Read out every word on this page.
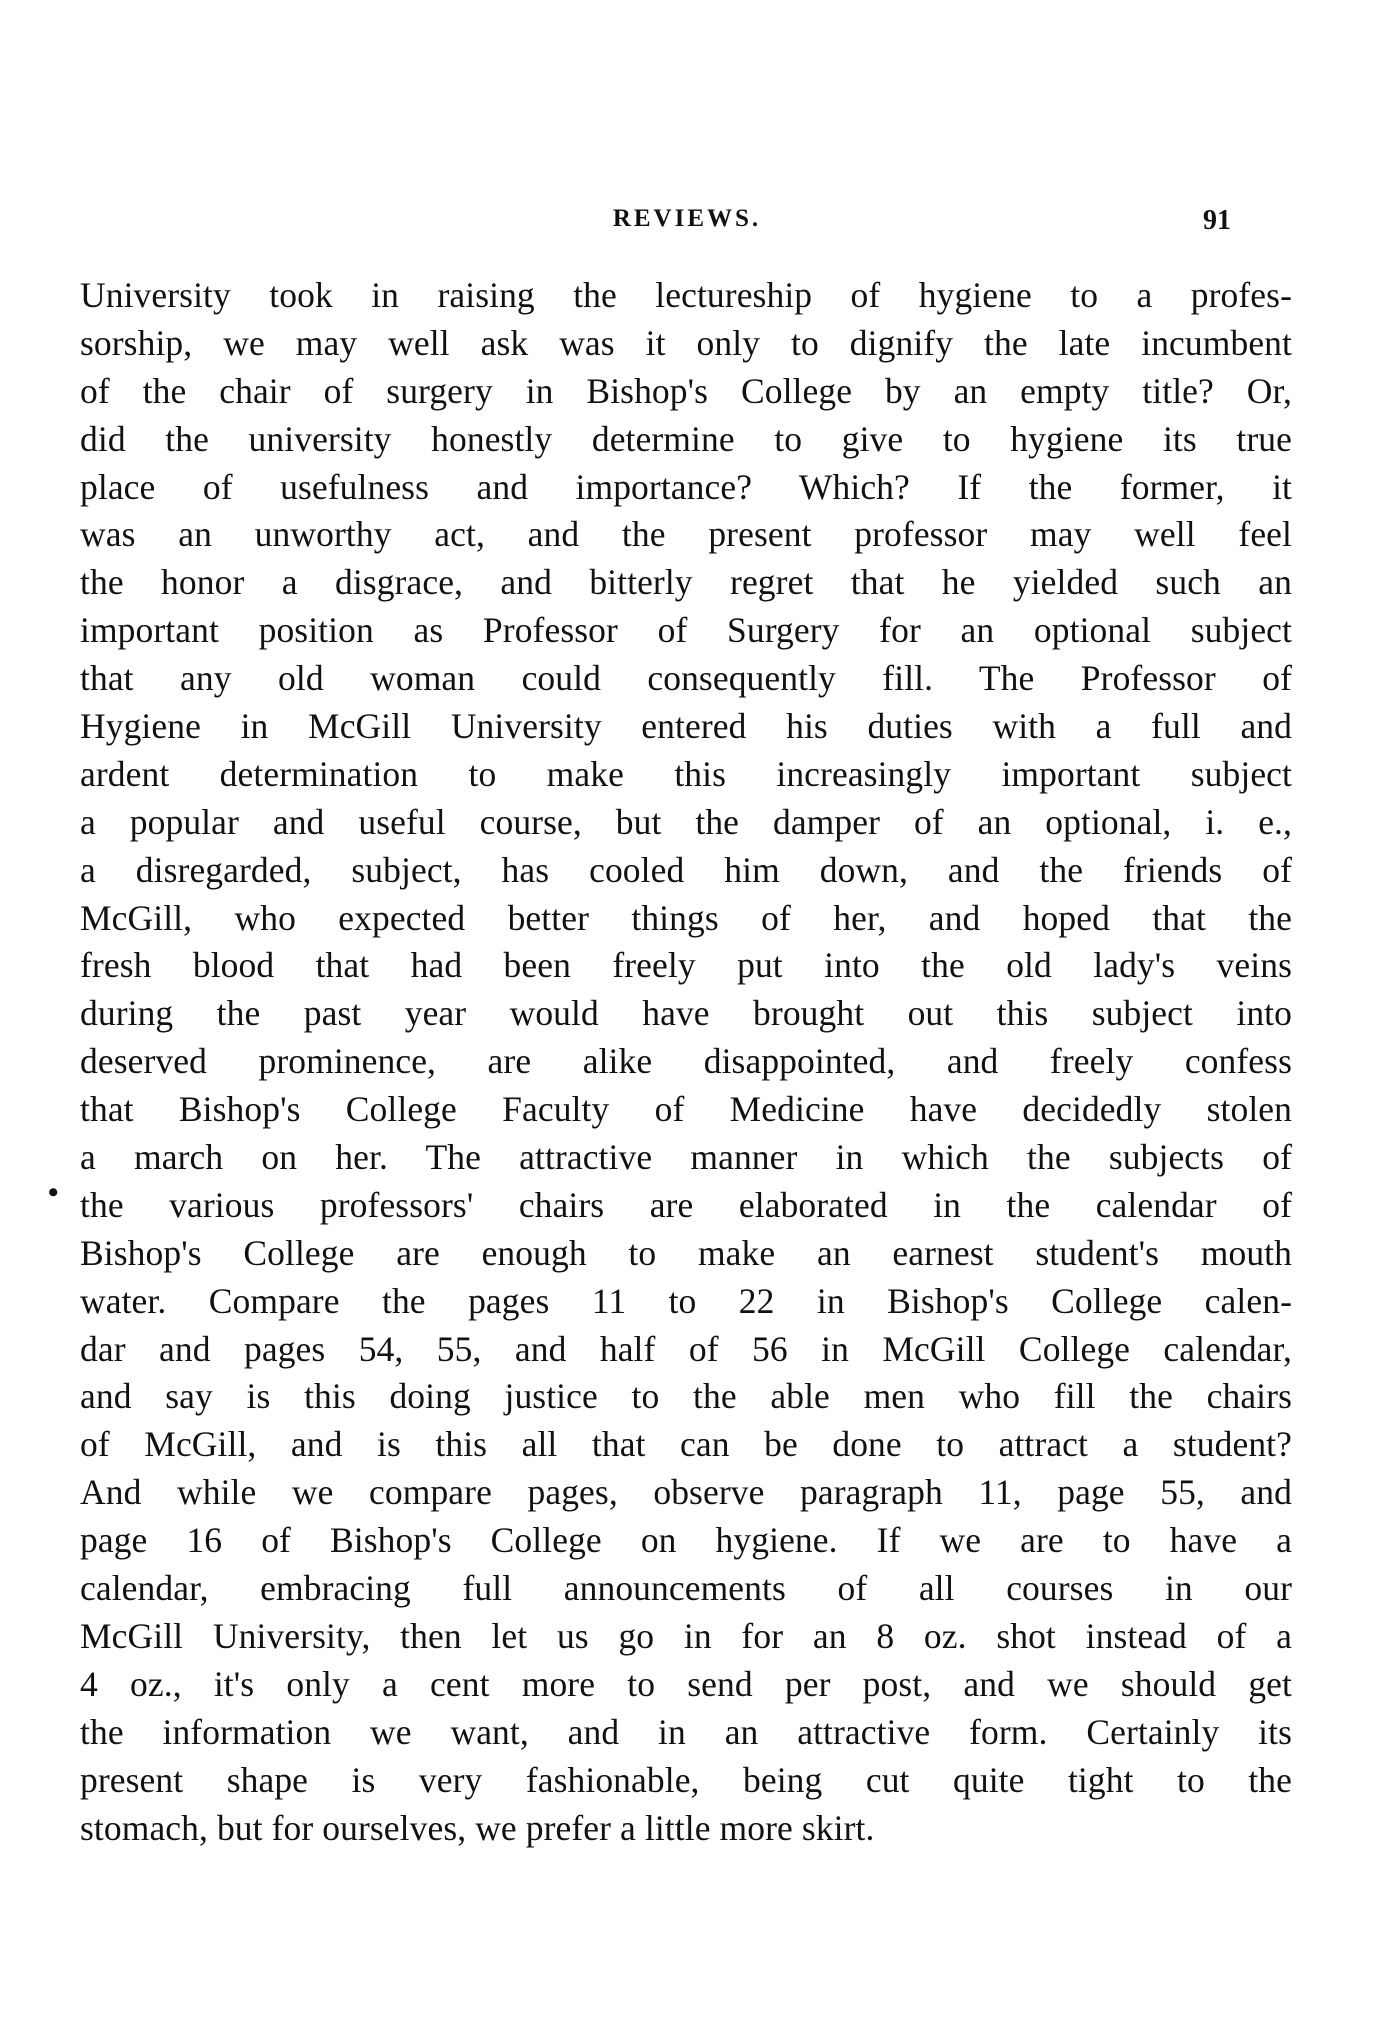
REVIEWS.	91
•
University took in raising the lectureship of hygiene to a profes-
sorship, we may well ask was it only to dignify the late incumbent
of the chair of surgery in Bishop's College by an empty title? Or,
did the university honestly determine to give to hygiene its true
place of usefulness and importance? Which? If the former, it
was an unworthy act, and the present professor may well feel
the honor a disgrace, and bitterly regret that he yielded such an
important position as Professor of Surgery for an optional subject
that any old woman could consequently fill. The Professor of
Hygiene in McGill University entered his duties with a full and
ardent determination to make this increasingly important subject
a popular and useful course, but the damper of an optional, i. e.,
a disregarded, subject, has cooled him down, and the friends of
McGill, who expected better things of her, and hoped that the
fresh blood that had been freely put into the old lady's veins
during the past year would have brought out this subject into
deserved prominence, are alike disappointed, and freely confess
that Bishop's College Faculty of Medicine have decidedly stolen
a march on her. The attractive manner in which the subjects of
the various professors' chairs are elaborated in the calendar of
Bishop's College are enough to make an earnest student's mouth
water. Compare the pages 11 to 22 in Bishop's College calen-
dar and pages 54, 55, and half of 56 in McGill College calendar,
and say is this doing justice to the able men who fill the chairs
of McGill, and is this all that can be done to attract a student?
And while we compare pages, observe paragraph 11, page 55, and
page 16 of Bishop's College on hygiene. If we are to have a
calendar, embracing full announcements of all courses in our
McGill University, then let us go in for an 8 oz. shot instead of a
4 oz., it's only a cent more to send per post, and we should get
the information we want, and in an attractive form. Certainly its
present shape is very fashionable, being cut quite tight to the
stomach, but for ourselves, we prefer a little more skirt.
